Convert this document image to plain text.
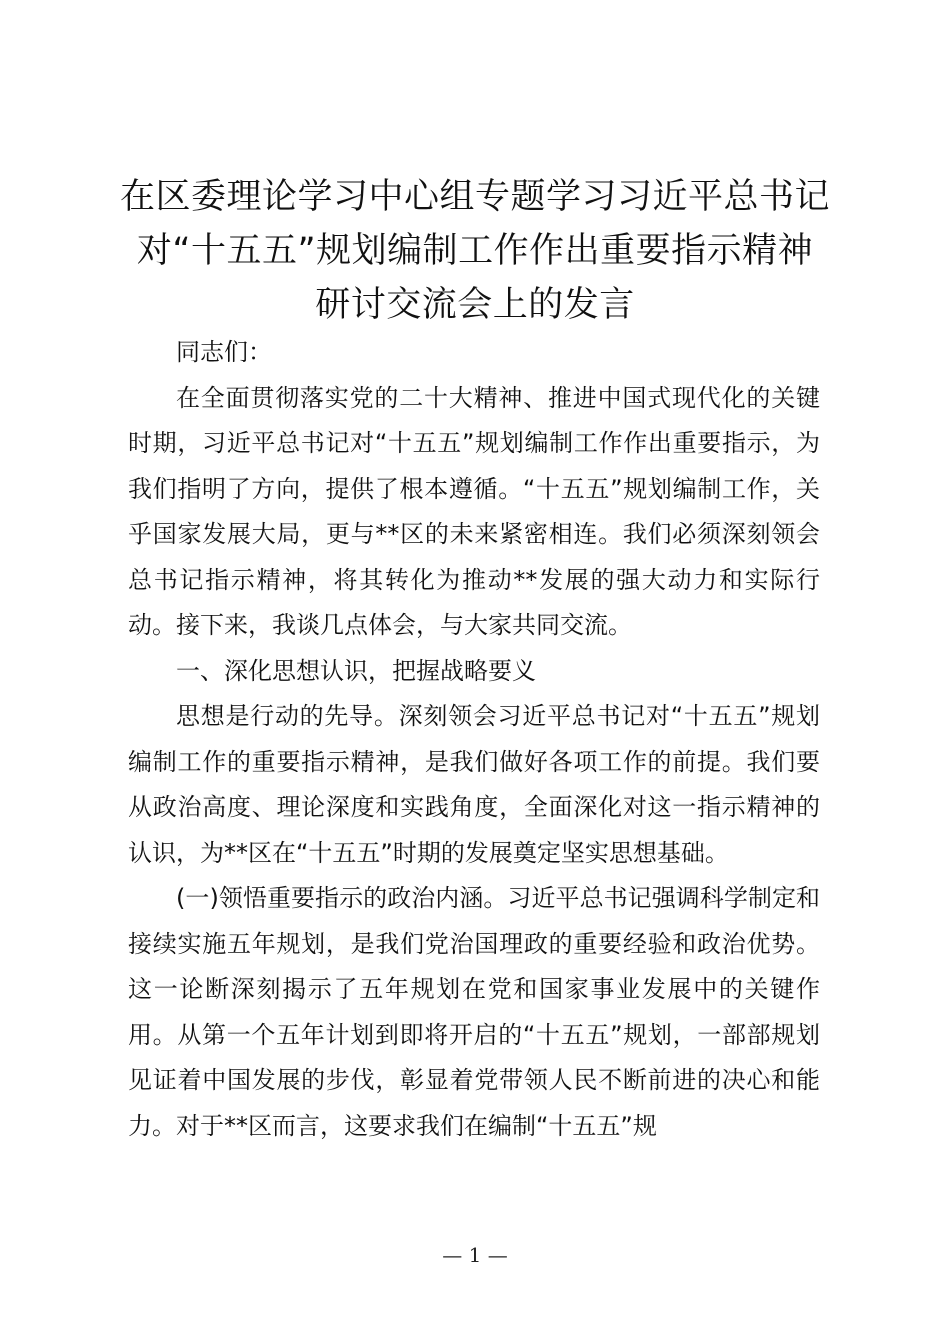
在区委理论学习中心组专题学习习近平总书记
对“十五五”规划编制工作作出重要指示精神
研讨交流会上的发言

同志们：

在全面贯彻落实党的二十大精神、推进中国式现代化的关键时期，习近平总书记对“十五五”规划编制工作作出重要指示，为我们指明了方向，提供了根本遵循。“十五五”规划编制工作，关乎国家发展大局，更与**区的未来紧密相连。我们必须深刻领会总书记指示精神，将其转化为推动**发展的强大动力和实际行动。接下来，我谈几点体会，与大家共同交流。

一、深化思想认识，把握战略要义

思想是行动的先导。深刻领会习近平总书记对“十五五”规划编制工作的重要指示精神，是我们做好各项工作的前提。我们要从政治高度、理论深度和实践角度，全面深化对这一指示精神的认识，为**区在“十五五”时期的发展奠定坚实思想基础。

(一)领悟重要指示的政治内涵。习近平总书记强调科学制定和接续实施五年规划，是我们党治国理政的重要经验和政治优势。这一论断深刻揭示了五年规划在党和国家事业发展中的关键作用。从第一个五年计划到即将开启的“十五五”规划，一部部规划见证着中国发展的步伐，彰显着党带领人民不断前进的决心和能力。对于**区而言，这要求我们在编制“十五五”规

— 1 —
